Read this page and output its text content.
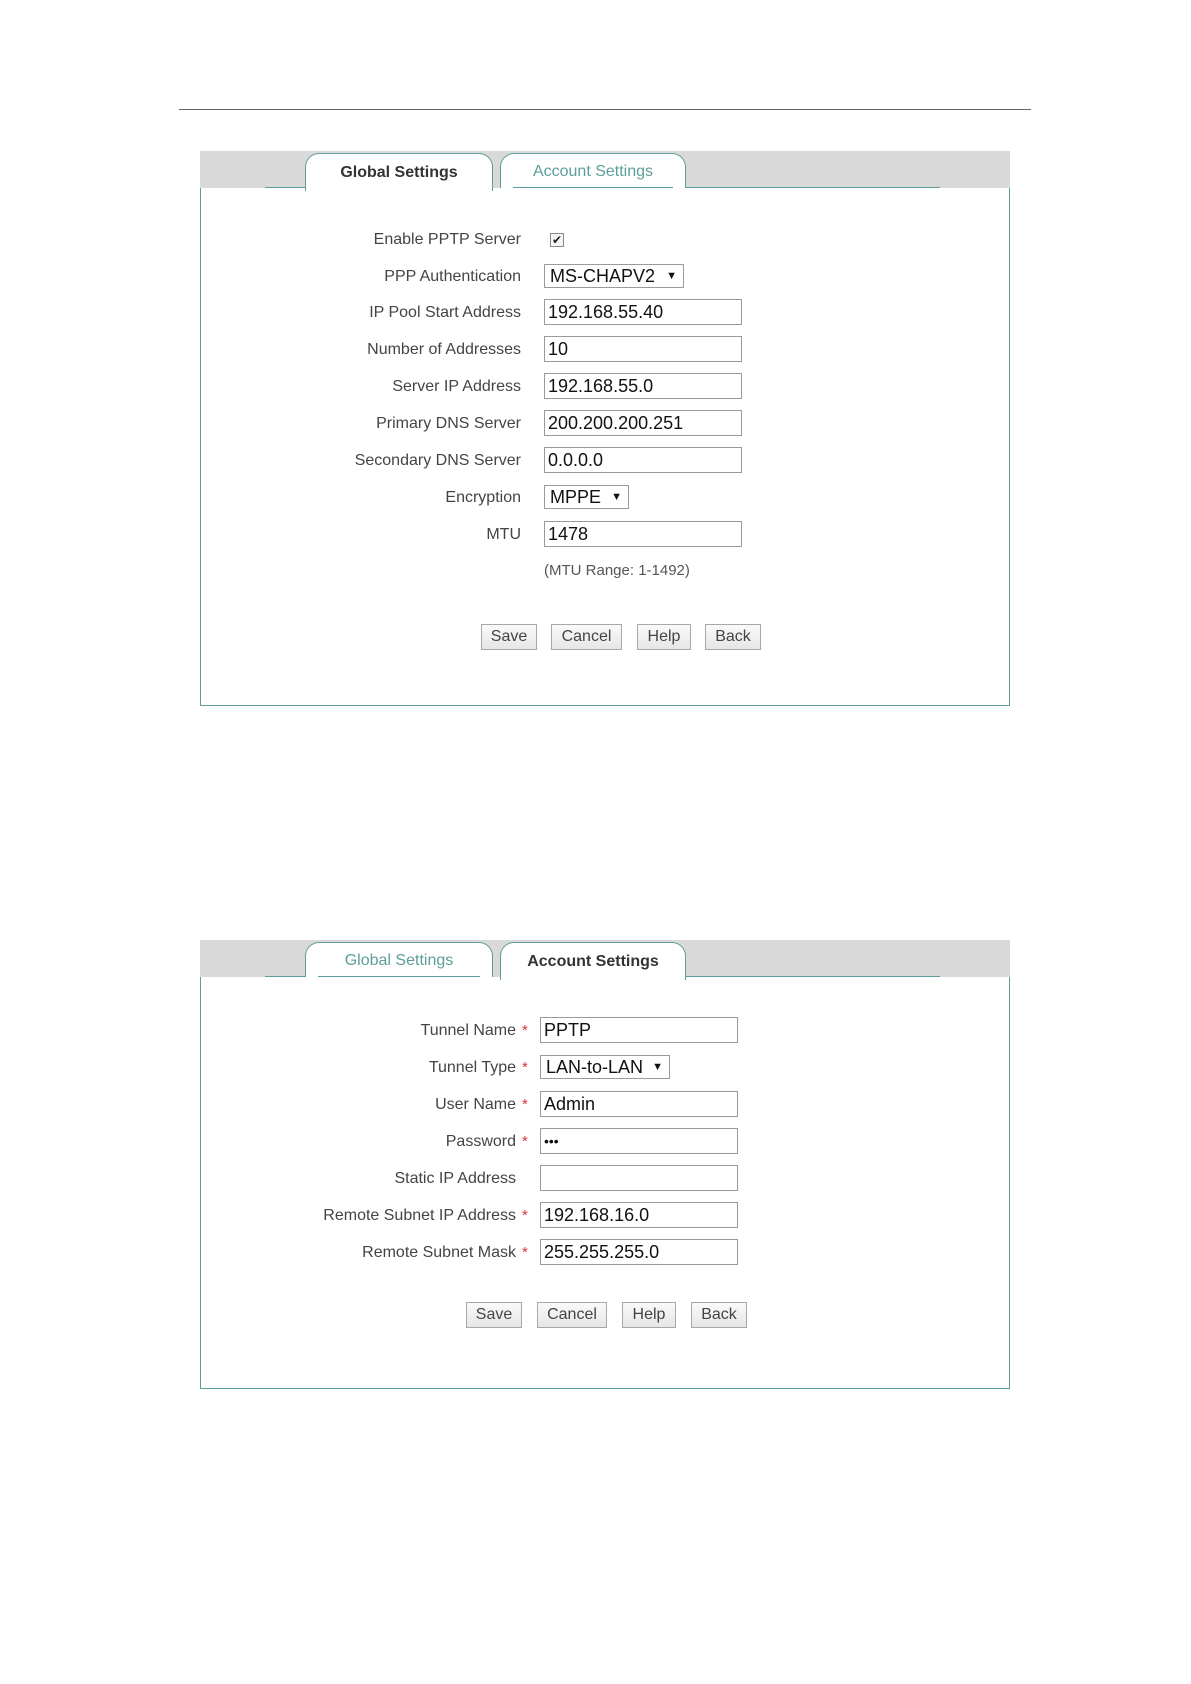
Global Settings	Account Settings
Enable PPTP Server	✔
PPP Authentication	MS-CHAPV2 ▼
IP Pool Start Address 192.168.55.40
Number of Addresses 10
Server IP Address 192.168.55.0
Primary DNS Server 200.200.200.251
Secondary DNS Server 0.0.0.0
Encryption	MPPE ▼
MTU 1478
(MTU Range: 1-1492)
Save	Cancel	Help	Back
Global Settings	Account Settings
Tunnel Name * PPTP
Tunnel Type *	LAN-to-LAN ▼
User Name * Admin
Password * •••
Static IP Address
Remote Subnet IP Address * 192.168.16.0
Remote Subnet Mask * 255.255.255.0
Save	Cancel	Help	Back
